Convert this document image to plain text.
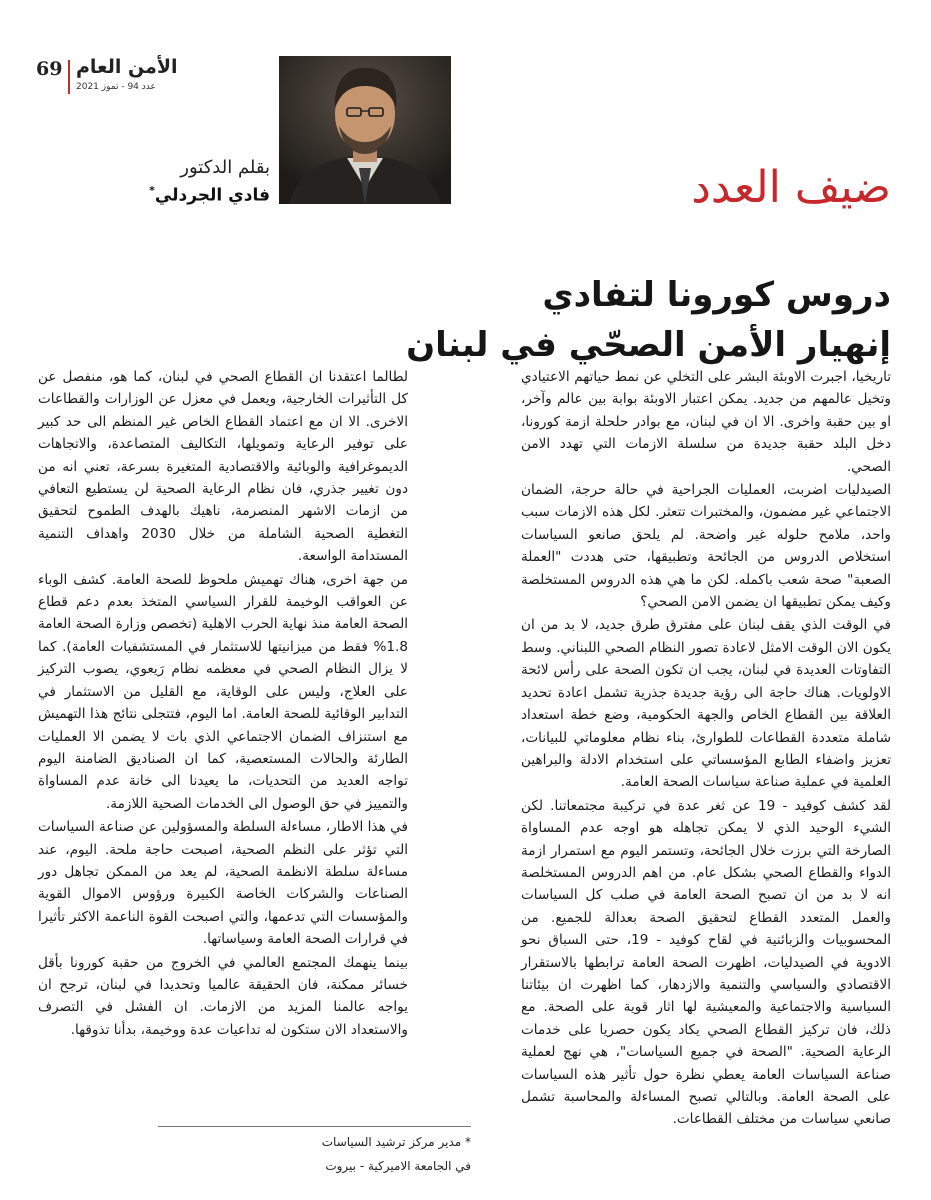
69 الأمن العام
عدد 94 - تموز 2021
بقلم الدكتور
فادي الجردلي*	ضيف العدد
دروس كورونا لتفادي
إنهيار الأمن الصحّي في لبنان

تاريخيا، اجبرت الاوبئة البشر على التخلي عن نمط حياتهم الاعتيادي وتخيل عالمهم من جديد. يمكن اعتبار الاوبئة بوابة بين عالم وآخر، او بين حقبة واخرى. الا ان في لبنان، مع بوادر حلحلة ازمة كورونا، دخل البلد حقبة جديدة من سلسلة الازمات التي تهدد الامن الصحي.

الصيدليات اضربت، العمليات الجراحية في حالة حرجة، الضمان الاجتماعي غير مضمون، والمختبرات تتعثر. لكل هذه الازمات سبب واحد، ملامح حلوله غير واضحة. لم يلحق صانعو السياسات استخلاص الدروس من الجائحة وتطبيقها، حتى هددت "العملة الصعبة" صحة شعب باكمله. لكن ما هي هذه الدروس المستخلصة وكيف يمكن تطبيقها ان يضمن الامن الصحي؟

في الوقت الذي يقف لبنان على مفترق طرق جديد، لا بد من ان يكون الان الوقت الامثل لاعادة تصور النظام الصحي اللبناني. وسط التفاوتات العديدة في لبنان، يجب ان تكون الصحة على رأس لائحة الاولويات. هناك حاجة الى رؤية جديدة جذرية تشمل اعادة تحديد العلاقة بين القطاع الخاص والجهة الحكومية، وضع خطة استعداد شاملة متعددة القطاعات للطوارئ، بناء نظام معلوماتي للبيانات، تعزيز واضفاء الطابع المؤسساتي على استخدام الادلة والبراهين العلمية في عملية صناعة سياسات الصحة العامة.

لقد كشف كوفيد - 19 عن ثغر عدة في تركيبة مجتمعاتنا. لكن الشيء الوحيد الذي لا يمكن تجاهله هو اوجه عدم المساواة الصارخة التي برزت خلال الجائحة، وتستمر اليوم مع استمرار ازمة الدواء والقطاع الصحي بشكل عام. من اهم الدروس المستخلصة انه لا بد من ان تصبح الصحة العامة في صلب كل السياسات والعمل المتعدد القطاع لتحقيق الصحة بعدالة للجميع. من المحسوبيات والزبائنية في لقاح كوفيد - 19، حتى السباق نحو الادوية في الصيدليات، اظهرت الصحة العامة ترابطها بالاستقرار الاقتصادي والسياسي والتنمية والازدهار، كما اظهرت ان بيئاتنا السياسية والاجتماعية والمعيشية لها اثار قوية على الصحة. مع ذلك، فان تركيز القطاع الصحي يكاد يكون حصريا على خدمات الرعاية الصحية. "الصحة في جميع السياسات"، هي نهج لعملية صناعة السياسات العامة يعطي نظرة حول تأثير هذه السياسات على الصحة العامة. وبالتالي تصبح المساءلة والمحاسبة تشمل صانعي سياسات من مختلف القطاعات.

لطالما اعتقدنا ان القطاع الصحي في لبنان، كما هو، منفصل عن كل التأثيرات الخارجية، ويعمل في معزل عن الوزارات والقطاعات الاخرى. الا ان مع اعتماد القطاع الخاص غير المنظم الى حد كبير على توفير الرعاية وتمويلها، التكاليف المتصاعدة، والاتجاهات الديموغرافية والوبائية والاقتصادية المتغيرة بسرعة، تعني انه من دون تغيير جذري، فان نظام الرعاية الصحية لن يستطيع التعافي من ازمات الاشهر المنصرمة، ناهيك بالهدف الطموح لتحقيق التغطية الصحية الشاملة من خلال 2030 واهداف التنمية المستدامة الواسعة.

من جهة اخرى، هناك تهميش ملحوظ للصحة العامة. كشف الوباء عن العواقب الوخيمة للقرار السياسي المتخذ بعدم دعم قطاع الصحة العامة منذ نهاية الحرب الاهلية (تخصص وزارة الصحة العامة 1.8% فقط من ميزانيتها للاستثمار في المستشفيات العامة). كما لا يزال النظام الصحي في معظمه نظام رَيعوي، يصوب التركيز على العلاج، وليس على الوقاية، مع القليل من الاستثمار في التدابير الوقائية للصحة العامة. اما اليوم، فتتجلى نتائج هذا التهميش مع استنزاف الضمان الاجتماعي الذي بات لا يضمن الا العمليات الطارئة والحالات المستعصية، كما ان الصناديق الضامنة اليوم تواجه العديد من التحديات، ما يعيدنا الى خانة عدم المساواة والتمييز في حق الوصول الى الخدمات الصحية اللازمة.

في هذا الاطار، مساءلة السلطة والمسؤولين عن صناعة السياسات التي تؤثر على النظم الصحية، اصبحت حاجة ملحة. اليوم، عند مساءلة سلطة الانظمة الصحية، لم يعد من الممكن تجاهل دور الصناعات والشركات الخاصة الكبيرة ورؤوس الاموال القوية والمؤسسات التي تدعمها، والتي اصبحت القوة الناعمة الاكثر تأثيرا في قرارات الصحة العامة وسياساتها.

بينما ينهمك المجتمع العالمي في الخروج من حقبة كورونا بأقل خسائر ممكنة، فان الحقيقة عالميا وتحديدا في لبنان، ترجح ان يواجه عالمنا المزيد من الازمات. ان الفشل في التصرف والاستعداد الان ستكون له تداعيات عدة ووخيمة، بدأنا تذوقها.

* مدير مركز ترشيد السياسات
في الجامعة الاميركية - بيروت
